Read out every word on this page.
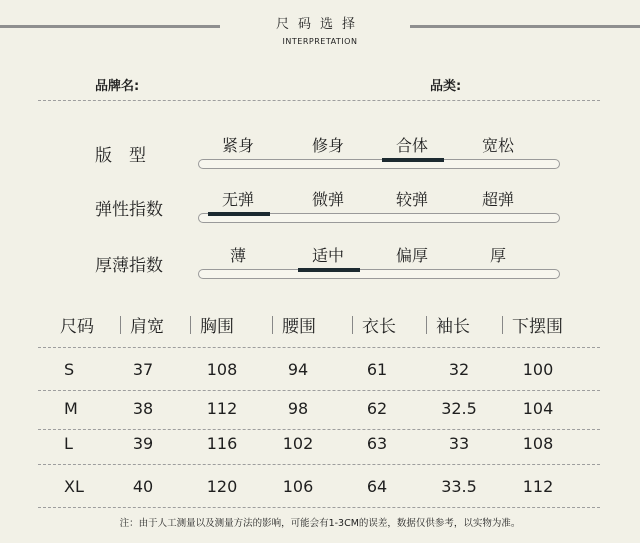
尺码选择
INTERPRETATION
品牌名:	品类:
版　型
紧身	修身	合体	宽松
弹性指数
无弹	微弹	较弹	超弹
厚薄指数
薄	适中	偏厚	厚
尺码 肩宽 胸围	腰围	衣长 袖长 下摆围
S	37	108	94	61	32	100
M	38	112	98	62	32.5	104
L	39	116	102	63	33	108
XL	40	120	106	64	33.5	112
注：由于人工测量以及测量方法的影响，可能会有1-3CM的误差，数据仅供参考，以实物为准。
